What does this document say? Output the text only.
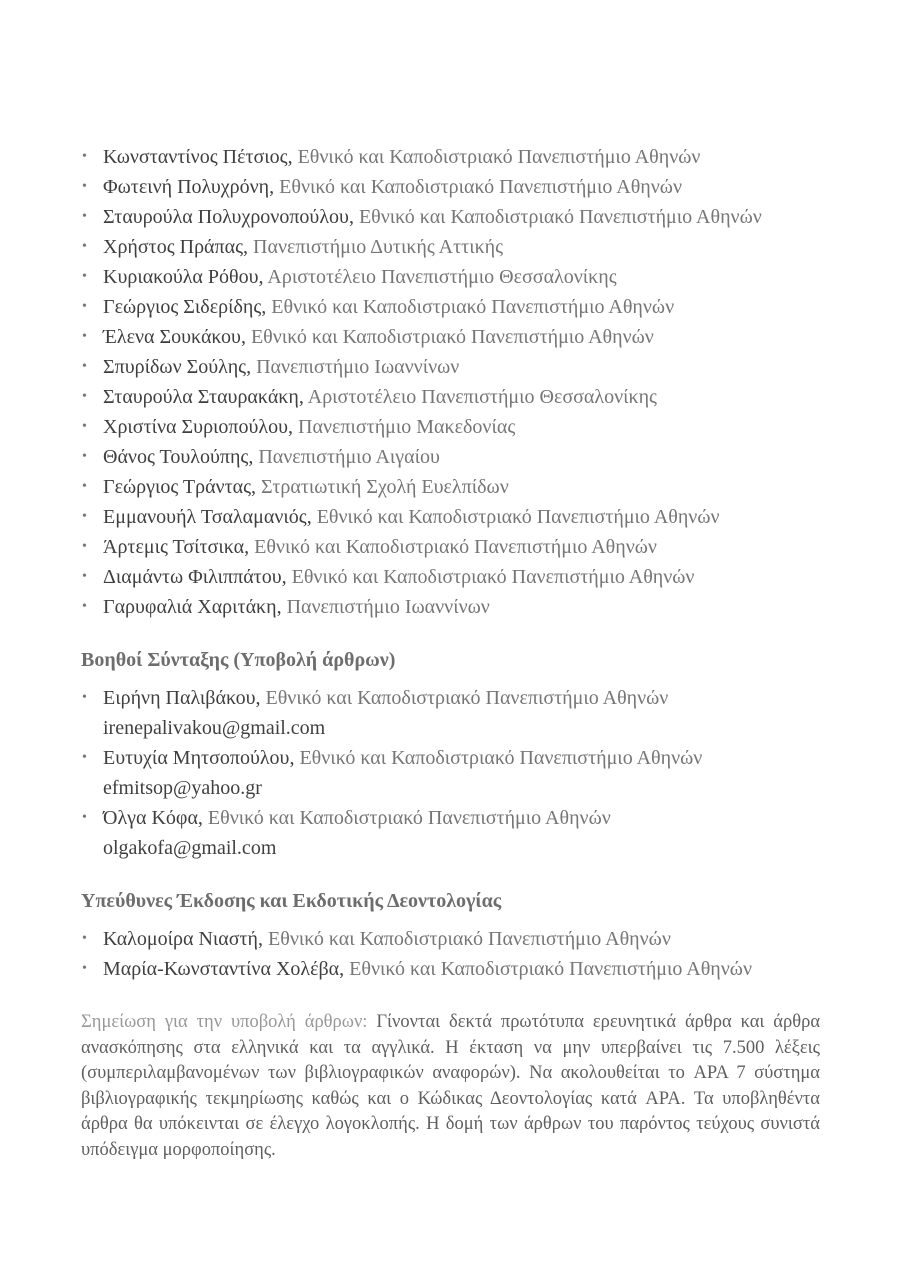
• Κωνσταντίνος Πέτσιος, Εθνικό και Καποδιστριακό Πανεπιστήμιο Αθηνών
• Φωτεινή Πολυχρόνη, Εθνικό και Καποδιστριακό Πανεπιστήμιο Αθηνών
• Σταυρούλα Πολυχρονοπούλου, Εθνικό και Καποδιστριακό Πανεπιστήμιο Αθηνών
• Χρήστος Πράπας, Πανεπιστήμιο Δυτικής Αττικής
• Κυριακούλα Ρόθου, Αριστοτέλειο Πανεπιστήμιο Θεσσαλονίκης
• Γεώργιος Σιδερίδης, Εθνικό και Καποδιστριακό Πανεπιστήμιο Αθηνών
• Έλενα Σουκάκου, Εθνικό και Καποδιστριακό Πανεπιστήμιο Αθηνών
• Σπυρίδων Σούλης, Πανεπιστήμιο Ιωαννίνων
• Σταυρούλα Σταυρακάκη, Αριστοτέλειο Πανεπιστήμιο Θεσσαλονίκης
• Χριστίνα Συριοπούλου, Πανεπιστήμιο Μακεδονίας
• Θάνος Τουλούπης, Πανεπιστήμιο Αιγαίου
• Γεώργιος Τράντας, Στρατιωτική Σχολή Ευελπίδων
• Εμμανουήλ Τσαλαμανιός, Εθνικό και Καποδιστριακό Πανεπιστήμιο Αθηνών
• Άρτεμις Τσίτσικα, Εθνικό και Καποδιστριακό Πανεπιστήμιο Αθηνών
• Διαμάντω Φιλιππάτου, Εθνικό και Καποδιστριακό Πανεπιστήμιο Αθηνών
• Γαρυφαλιά Χαριτάκη, Πανεπιστήμιο Ιωαννίνων
Βοηθοί Σύνταξης (Υποβολή άρθρων)
• Ειρήνη Παλιβάκου, Εθνικό και Καποδιστριακό Πανεπιστήμιο Αθηνών
irenepalivakou@gmail.com
• Ευτυχία Μητσοπούλου, Εθνικό και Καποδιστριακό Πανεπιστήμιο Αθηνών
efmitsop@yahoo.gr
• Όλγα Κόφα, Εθνικό και Καποδιστριακό Πανεπιστήμιο Αθηνών
olgakofa@gmail.com
Υπεύθυνες Έκδοσης και Εκδοτικής Δεοντολογίας
• Καλομοίρα Νιαστή, Εθνικό και Καποδιστριακό Πανεπιστήμιο Αθηνών
• Μαρία-Κωνσταντίνα Χολέβα, Εθνικό και Καποδιστριακό Πανεπιστήμιο Αθηνών

Σημείωση για την υποβολή άρθρων: Γίνονται δεκτά πρωτότυπα ερευνητικά άρθρα και άρθρα ανασκόπησης στα ελληνικά και τα αγγλικά. Η έκταση να μην υπερβαίνει τις 7.500 λέξεις (συμπεριλαμβανομένων των βιβλιογραφικών αναφορών). Να ακολουθείται το APA 7 σύστημα βιβλιογραφικής τεκμηρίωσης καθώς και ο Κώδικας Δεοντολογίας κατά APA. Τα υποβληθέντα άρθρα θα υπόκεινται σε έλεγχο λογοκλοπής. Η δομή των άρθρων του παρόντος τεύχους συνιστά υπόδειγμα μορφοποίησης.
